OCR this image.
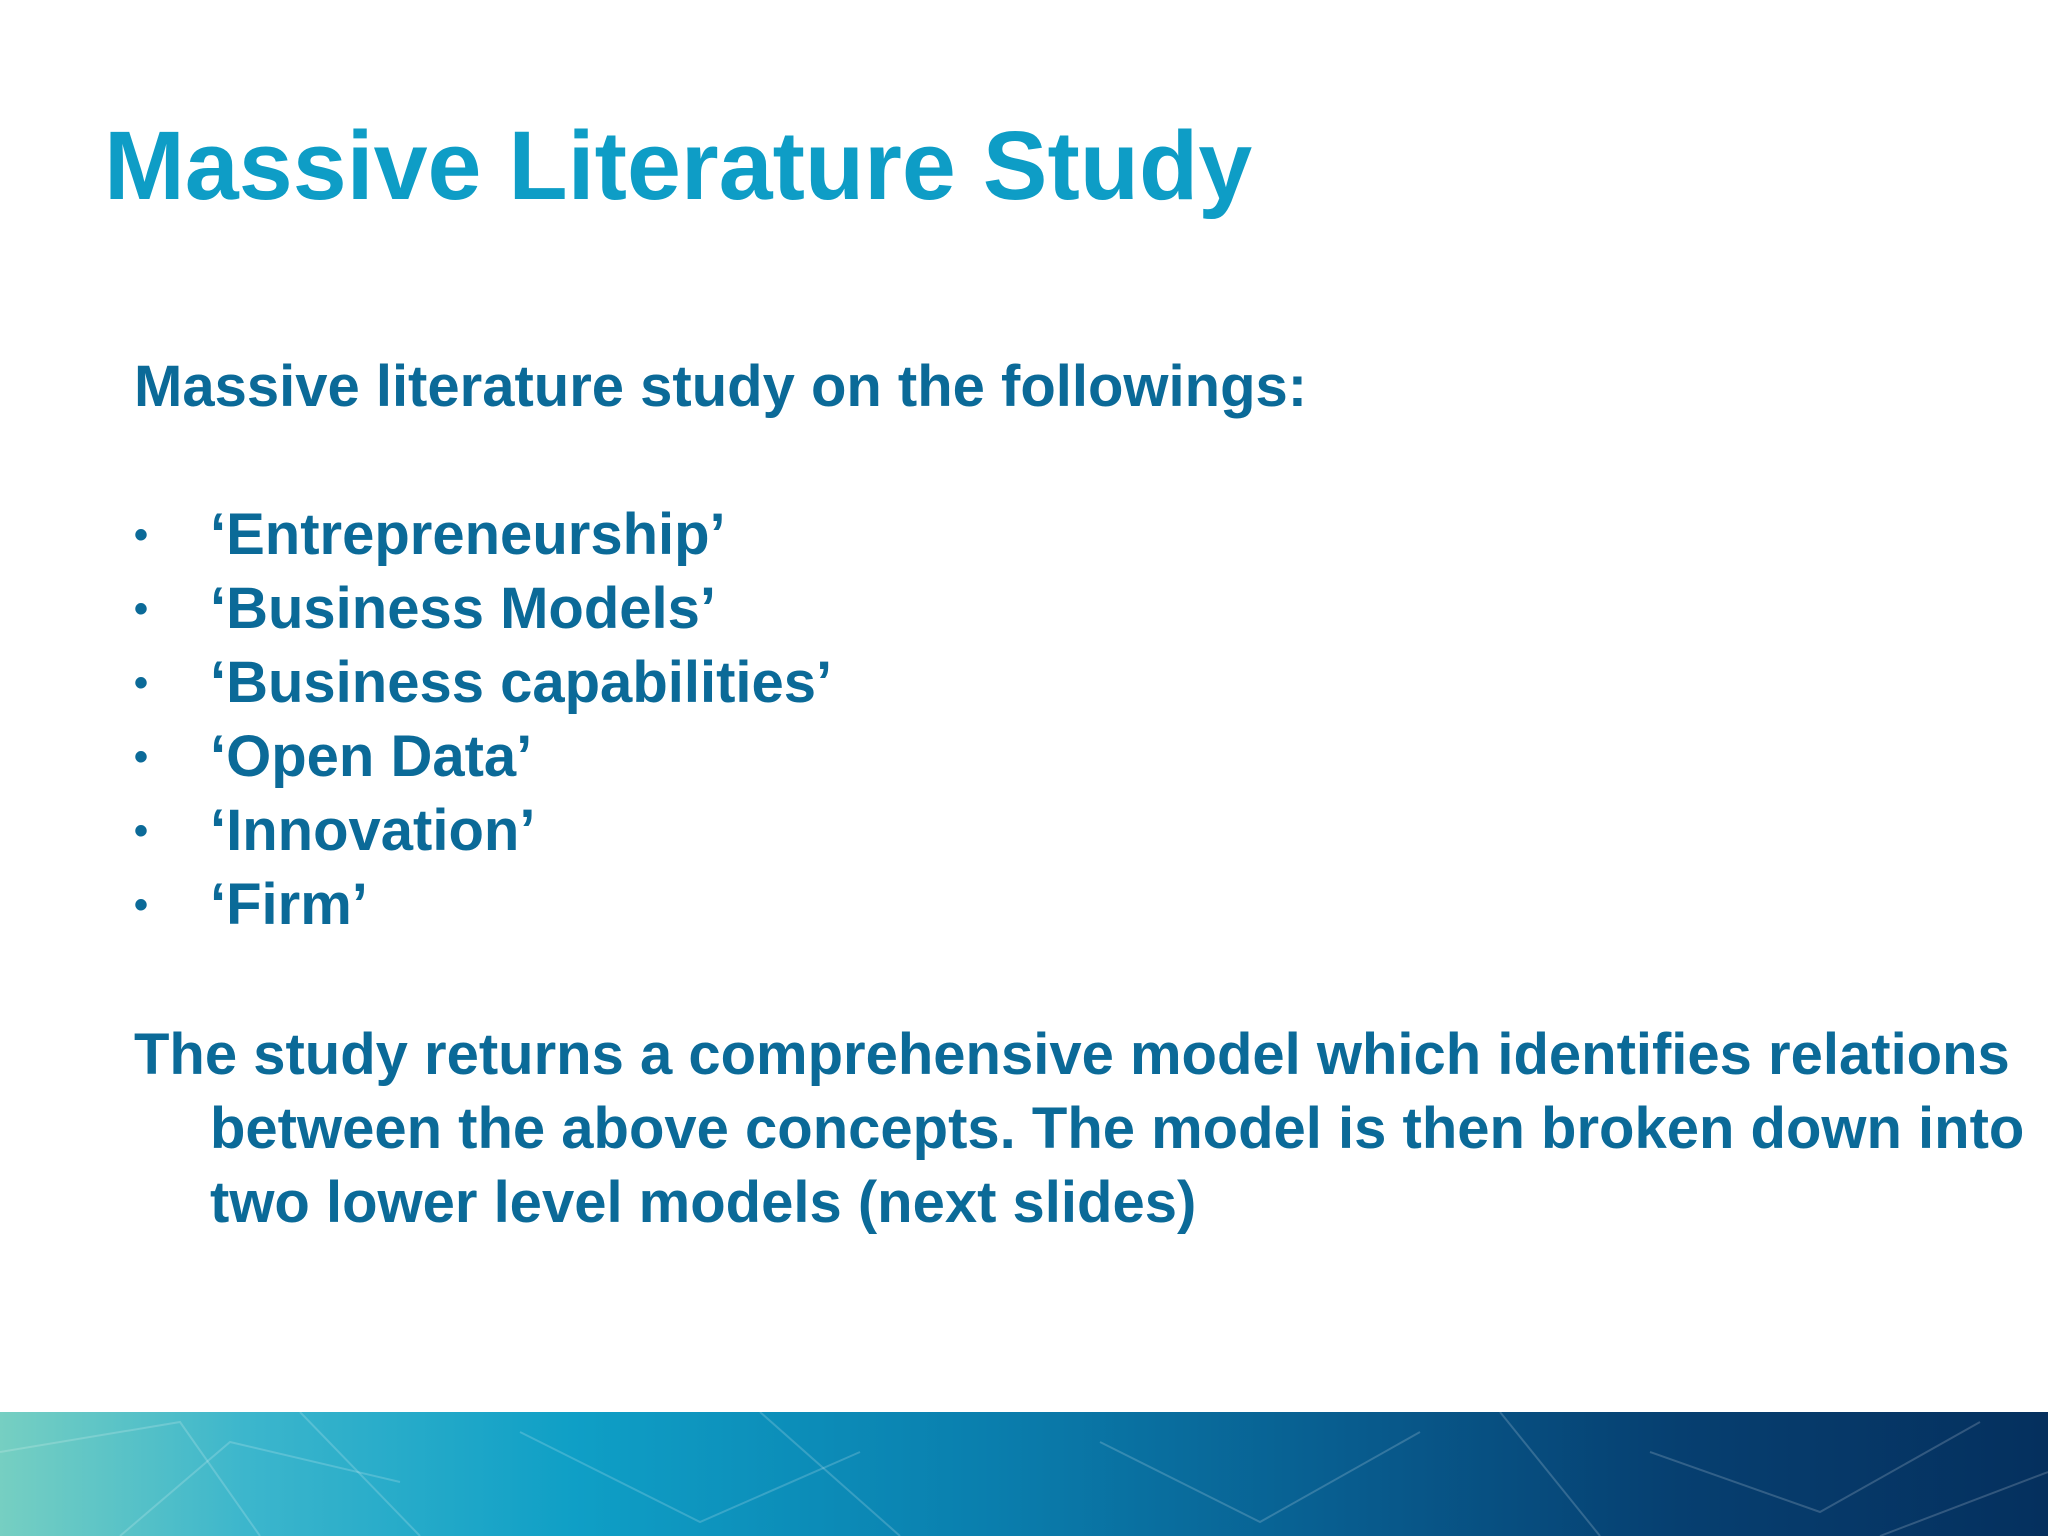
Massive Literature Study

Massive literature study on the followings:

•	‘Entrepreneurship’
•	‘Business Models’
•	‘Business capabilities’
•	‘Open Data’
•	‘Innovation’
•	‘Firm’

The study returns a comprehensive model which identifies relations between the above concepts. The model is then broken down into two lower level models (next slides)
